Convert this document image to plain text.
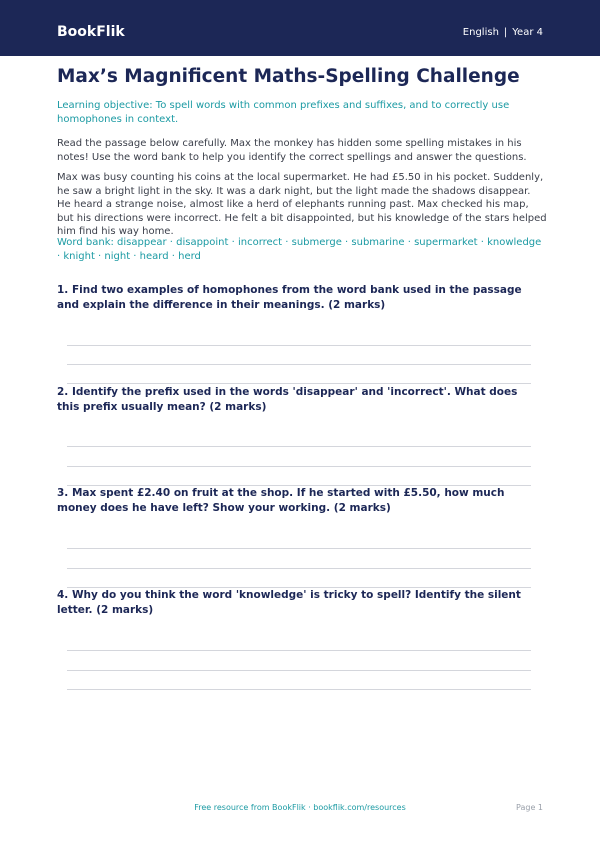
BookFlik	English | Year 4
Max’s Magnificent Maths-Spelling Challenge

Learning objective: To spell words with common prefixes and suffixes, and to correctly use homophones in context.

Read the passage below carefully. Max the monkey has hidden some spelling mistakes in his notes! Use the word bank to help you identify the correct spellings and answer the questions.

Max was busy counting his coins at the local supermarket. He had £5.50 in his pocket. Suddenly, he saw a bright light in the sky. It was a dark night, but the light made the shadows disappear. He heard a strange noise, almost like a herd of elephants running past. Max checked his map, but his directions were incorrect. He felt a bit disappointed, but his knowledge of the stars helped him find his way home.

Word bank: disappear · disappoint · incorrect · submerge · submarine · supermarket · knowledge · knight · night · heard · herd

1. Find two examples of homophones from the word bank used in the passage and explain the difference in their meanings. (2 marks)

2. Identify the prefix used in the words 'disappear' and 'incorrect'. What does this prefix usually mean? (2 marks)

3. Max spent £2.40 on fruit at the shop. If he started with £5.50, how much money does he have left? Show your working. (2 marks)

4. Why do you think the word 'knowledge' is tricky to spell? Identify the silent letter. (2 marks)

Free resource from BookFlik · bookflik.com/resources	Page 1
